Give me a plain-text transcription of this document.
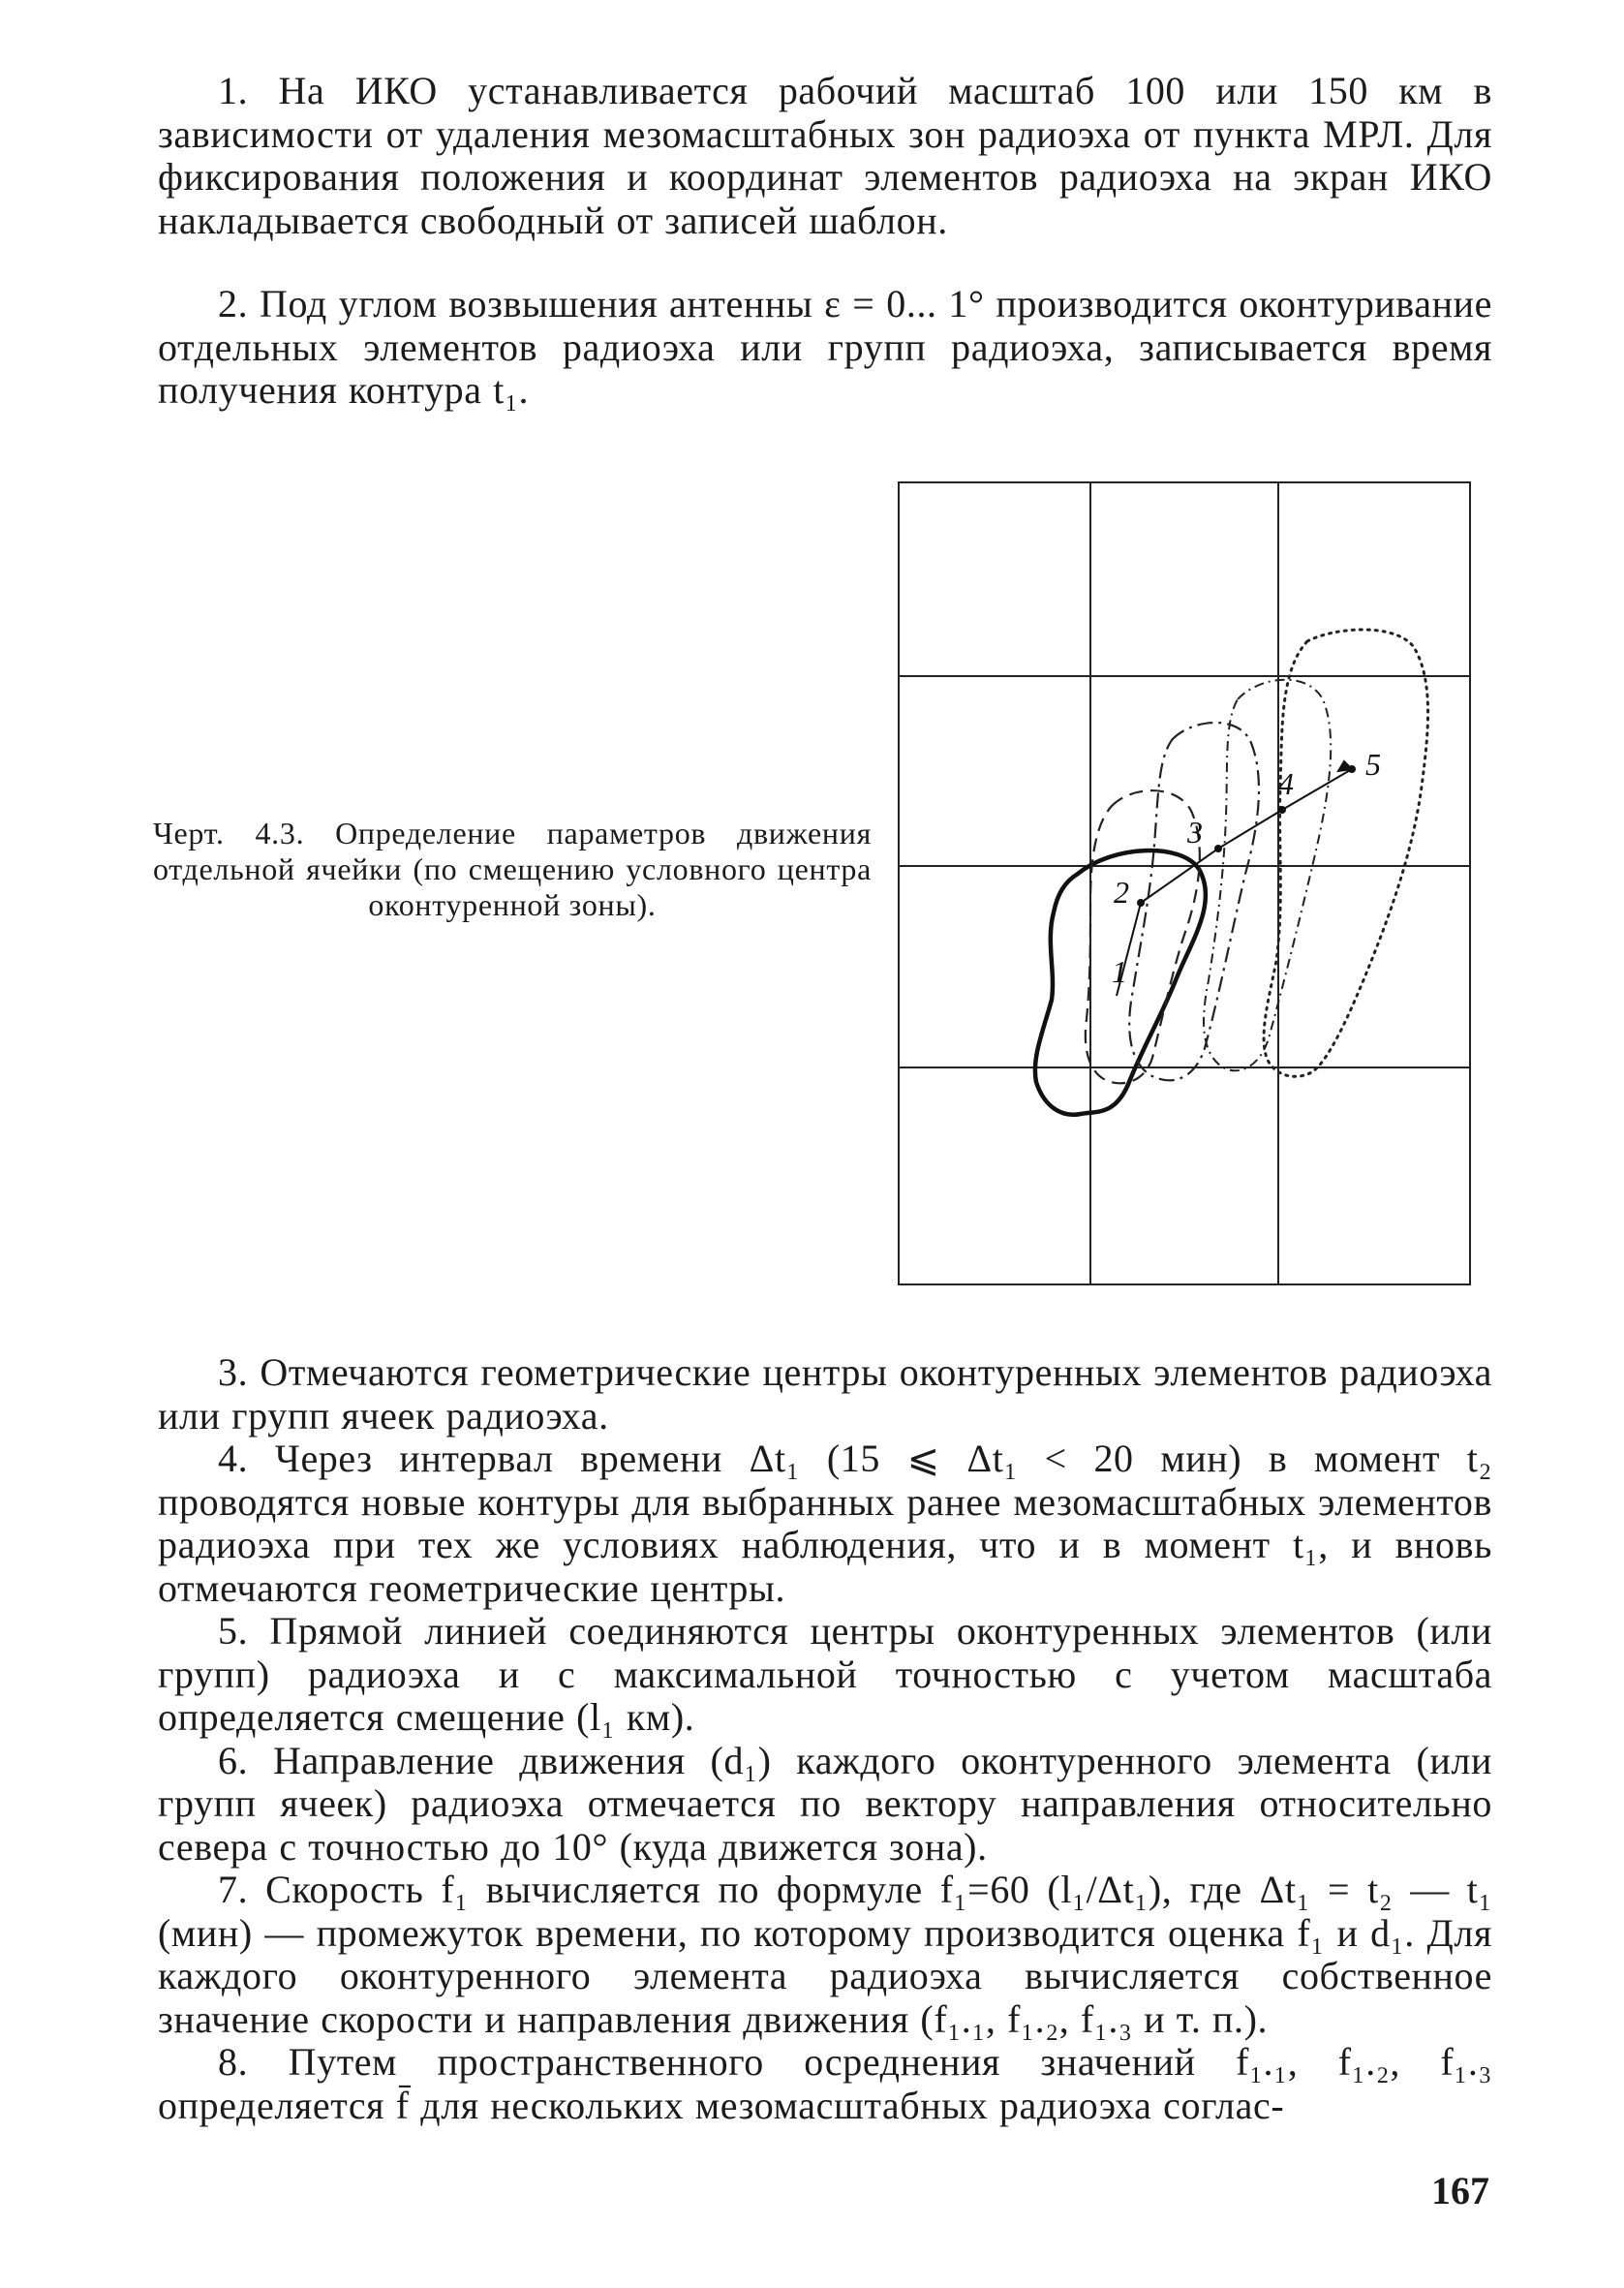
1. На ИКО устанавливается рабочий масштаб 100 или 150 км в зависимости от удаления мезомасштабных зон радиоэха от пункта МРЛ. Для фиксирования положения и координат элементов радиоэха на экран ИКО накладывается свободный от записей шаблон.

2. Под углом возвышения антенны ε = 0... 1° производится оконтуривание отдельных элементов радиоэха или групп радиоэха, записывается время получения контура t₁.

Черт. 4.3. Определение параметров движения отдельной ячейки (по смещению условного центра оконтуренной зоны).

1
2
3
4
5

3. Отмечаются геометрические центры оконтуренных элементов радиоэха или групп ячеек радиоэха.

4. Через интервал времени Δt₁ (15 ⩽ Δt₁ < 20 мин) в момент t₂ проводятся новые контуры для выбранных ранее мезомасштабных элементов радиоэха при тех же условиях наблюдения, что и в момент t₁, и вновь отмечаются геометрические центры.

5. Прямой линией соединяются центры оконтуренных элементов (или групп) радиоэха и с максимальной точностью с учетом масштаба определяется смещение (l₁ км).

6. Направление движения (d₁) каждого оконтуренного элемента (или групп ячеек) радиоэха отмечается по вектору направления относительно севера с точностью до 10° (куда движется зона).

7. Скорость f₁ вычисляется по формуле f₁=60 (l₁/Δt₁), где Δt₁ = t₂ — t₁ (мин) — промежуток времени, по которому производится оценка f₁ и d₁. Для каждого оконтуренного элемента радиоэха вычисляется собственное значение скорости и направления движения (f₁.₁, f₁.₂, f₁.₃ и т. п.).

8. Путем пространственного осреднения значений f₁.₁, f₁.₂, f₁.₃ определяется f̄ для нескольких мезомасштабных радиоэха соглас-

167
